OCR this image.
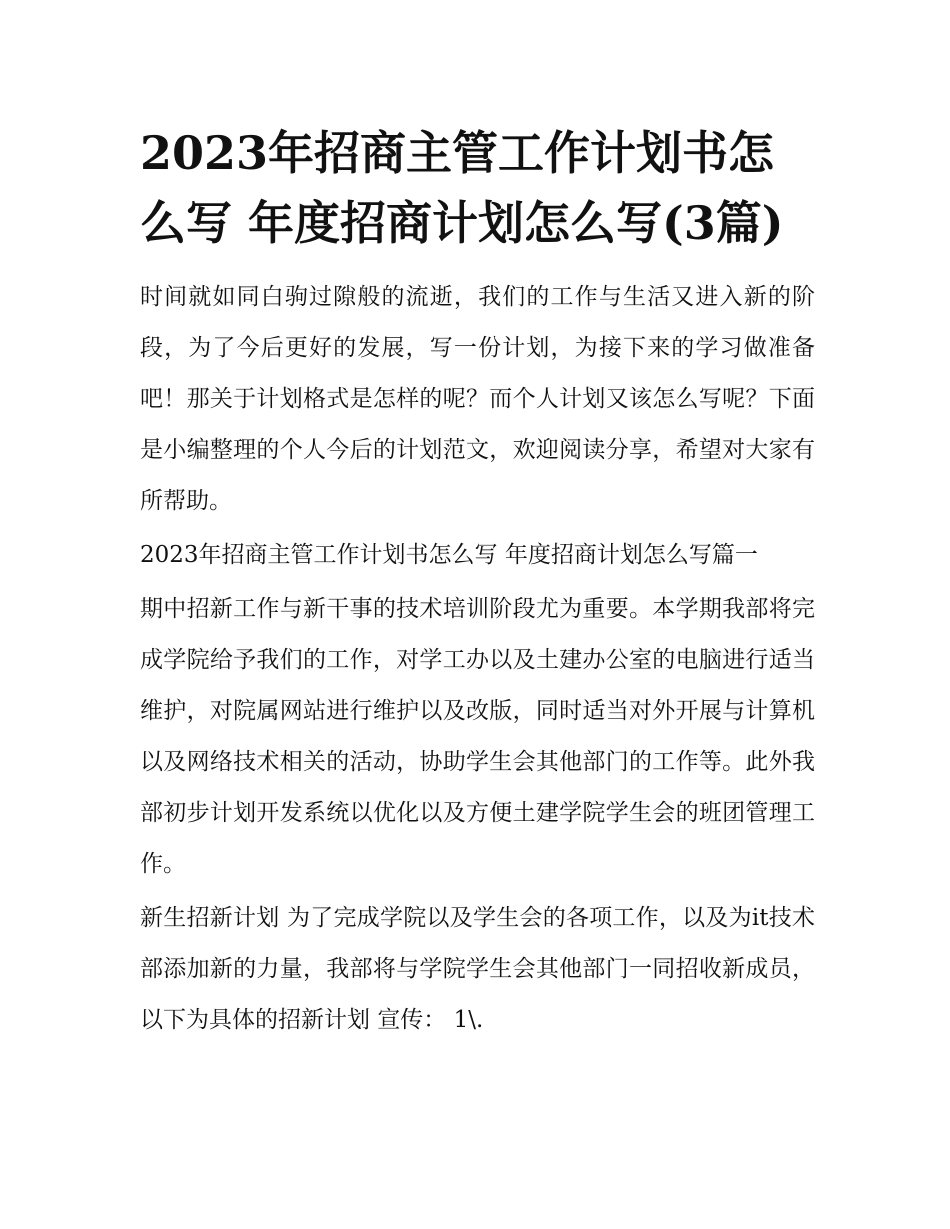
2023年招商主管工作计划书怎么写 年度招商计划怎么写(3篇)

时间就如同白驹过隙般的流逝，我们的工作与生活又进入新的阶段，为了今后更好的发展，写一份计划，为接下来的学习做准备吧！那关于计划格式是怎样的呢？而个人计划又该怎么写呢？下面是小编整理的个人今后的计划范文，欢迎阅读分享，希望对大家有所帮助。

2023年招商主管工作计划书怎么写 年度招商计划怎么写篇一

期中招新工作与新干事的技术培训阶段尤为重要。本学期我部将完成学院给予我们的工作，对学工办以及土建办公室的电脑进行适当维护，对院属网站进行维护以及改版，同时适当对外开展与计算机以及网络技术相关的活动，协助学生会其他部门的工作等。此外我部初步计划开发系统以优化以及方便土建学院学生会的班团管理工作。

新生招新计划 为了完成学院以及学生会的各项工作，以及为it技术部添加新的力量，我部将与学院学生会其他部门一同招收新成员，以下为具体的招新计划 宣传： 1\.
